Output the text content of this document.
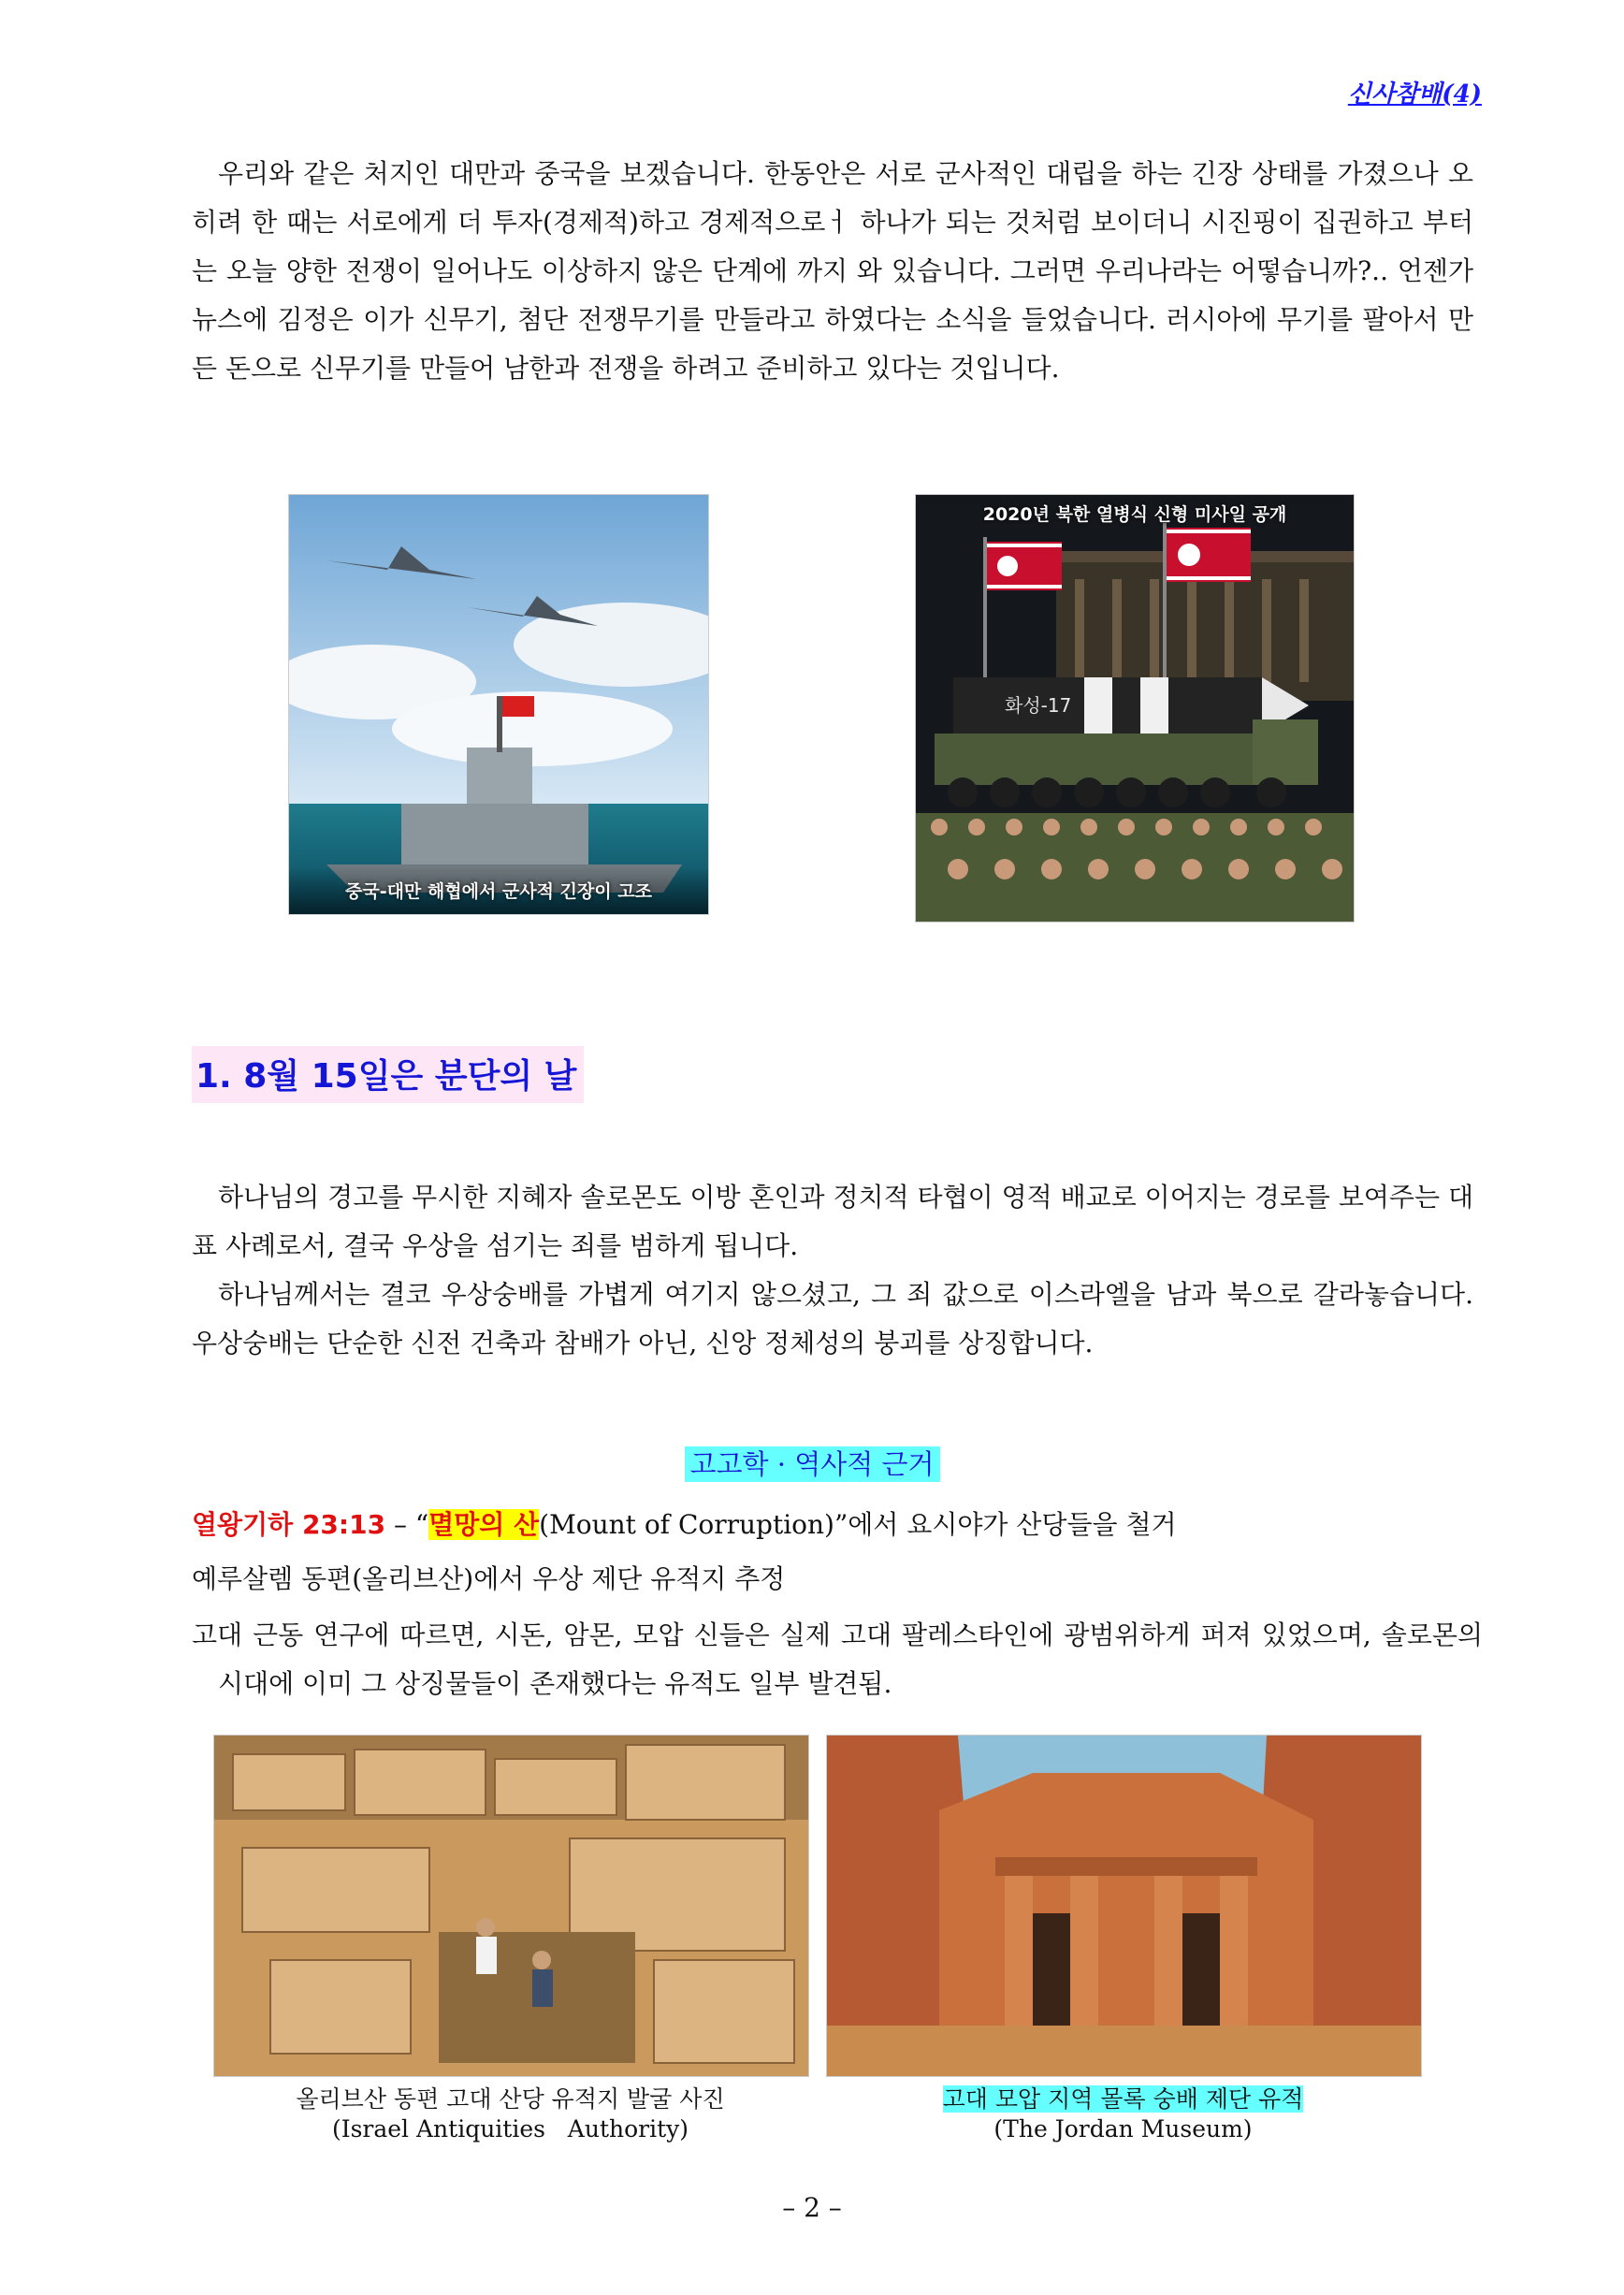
신사참배(4)

우리와 같은 처지인 대만과 중국을 보겠습니다. 한동안은 서로 군사적인 대립을 하는 긴장 상태를 가졌으나 오히려 한 때는 서로에게 더 투자(경제적)하고 경제적으로ㅓ 하나가 되는 것처럼 보이더니 시진핑이 집권하고 부터는 오늘 양한 전쟁이 일어나도 이상하지 않은 단계에 까지 와 있습니다. 그러면 우리나라는 어떻습니까?.. 언젠가 뉴스에 김정은 이가 신무기, 첨단 전쟁무기를 만들라고 하였다는 소식을 들었습니다. 러시아에 무기를 팔아서 만든 돈으로 신무기를 만들어 남한과 전쟁을 하려고 준비하고 있다는 것입니다.

중국-대만 해협에서 군사적 긴장이 고조
화성-17
2020년 북한 열병식 신형 미사일 공개
1. 8월 15일은 분단의 날

하나님의 경고를 무시한 지혜자 솔로몬도 이방 혼인과 정치적 타협이 영적 배교로 이어지는 경로를 보여주는 대표 사례로서, 결국 우상을 섬기는 죄를 범하게 됩니다.

하나님께서는 결코 우상숭배를 가볍게 여기지 않으셨고, 그 죄 값으로 이스라엘을 남과 북으로 갈라놓습니다. 우상숭배는 단순한 신전 건축과 참배가 아닌, 신앙 정체성의 붕괴를 상징합니다.

고고학 · 역사적 근거
열왕기하 23:13 – “멸망의 산(Mount of Corruption)”에서 요시야가 산당들을 철거
예루살렘 동편(올리브산)에서 우상 제단 유적지 추정
고대 근동 연구에 따르면, 시돈, 암몬, 모압 신들은 실제 고대 팔레스타인에 광범위하게 퍼져 있었으며, 솔로몬의 시대에 이미 그 상징물들이 존재했다는 유적도 일부 발견됨.
올리브산 동편 고대 산당 유적지 발굴 사진
(Israel Antiquities   Authority)
고대 모압 지역 몰록 숭배 제단 유적
(The Jordan Museum)
– 2 –
